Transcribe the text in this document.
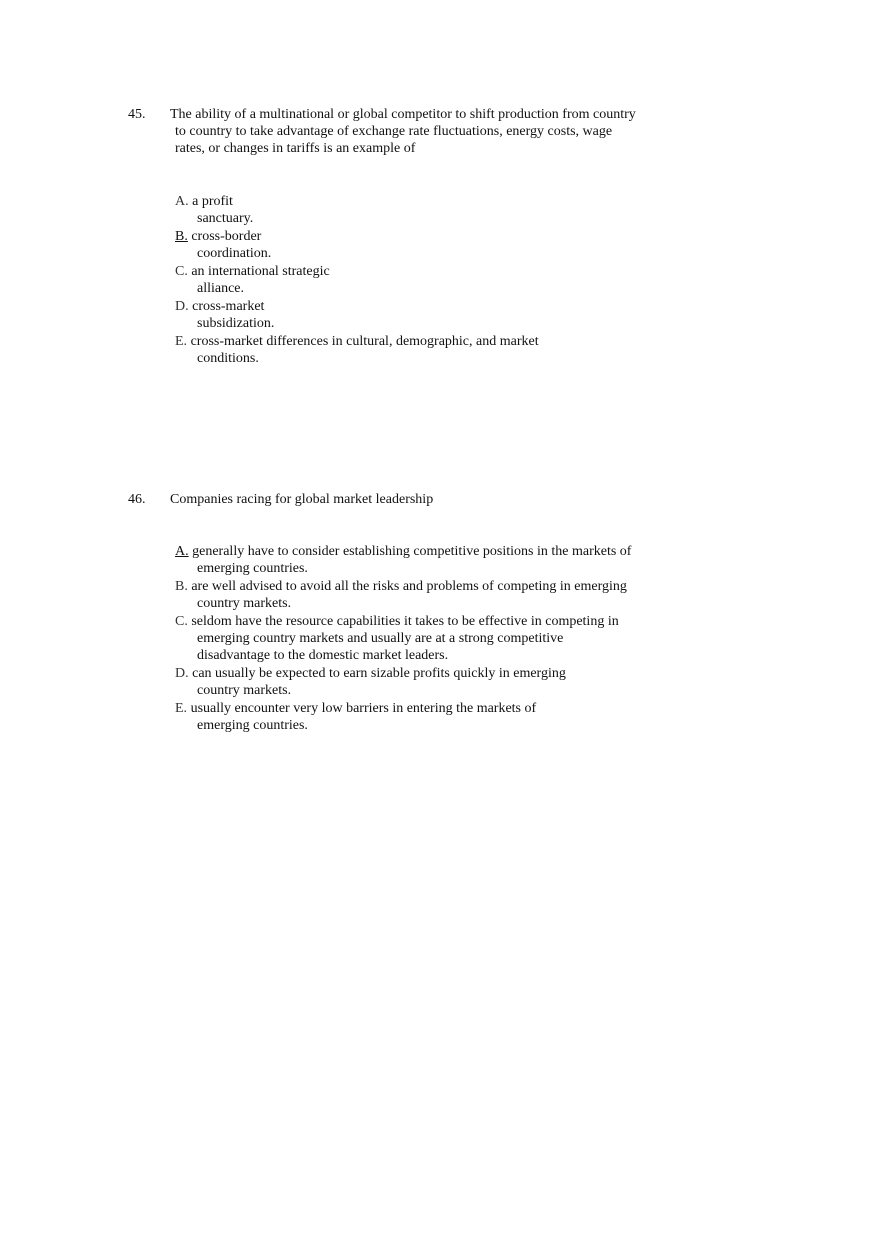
45.	The ability of a multinational or global competitor to shift production from country
to country to take advantage of exchange rate fluctuations, energy costs, wage
rates, or changes in tariffs is an example of
A. a profit
sanctuary.
B. cross-border
coordination.
C. an international strategic
alliance.
D. cross-market
subsidization.
E. cross-market differences in cultural, demographic, and market
conditions.
46.	Companies racing for global market leadership
A. generally have to consider establishing competitive positions in the markets of
emerging countries.
B. are well advised to avoid all the risks and problems of competing in emerging
country markets.
C. seldom have the resource capabilities it takes to be effective in competing in
emerging country markets and usually are at a strong competitive
disadvantage to the domestic market leaders.
D. can usually be expected to earn sizable profits quickly in emerging
country markets.
E. usually encounter very low barriers in entering the markets of
emerging countries.
